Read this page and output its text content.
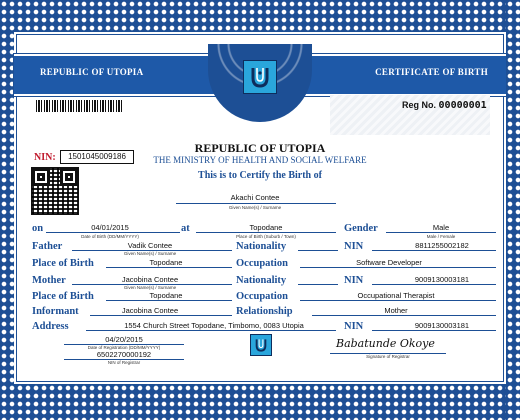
REPUBLIC OF UTOPIA	CERTIFICATE OF BIRTH
Reg No. 00000001
REPUBLIC OF UTOPIA
THE MINISTRY OF HEALTH AND SOCIAL WELFARE
This is to Certify the Birth of
NIN:	1501045009186
Akachi Contee
Given Name(s) / Surname
on	04/01/2015
Date of Birth (DD/MM/YYYY)
at	Topodane
Place of Birth (Suburb / Town)
Gender	Male
Male / Female
Father	Vadik Contee
Given Name(s) / Surname
Nationality	NIN	8811255002182
Place of Birth	Topodane	Occupation	Software Developer
Mother	Jacobina Contee
Given Name(s) / Surname
Nationality	NIN	9009130003181
Place of Birth	Topodane	Occupation	Occupational Therapist
Informant	Jacobina Contee	Relationship	Mother
Address	1554 Church Street Topodane, Timbomo, 0083 Utopia	NIN	9009130003181
04/20/2015
Date of Registration (DD/MM/YYYY)
6502270000192
NIN of Registrar
Babatunde Okoye
Signature of Registrar
